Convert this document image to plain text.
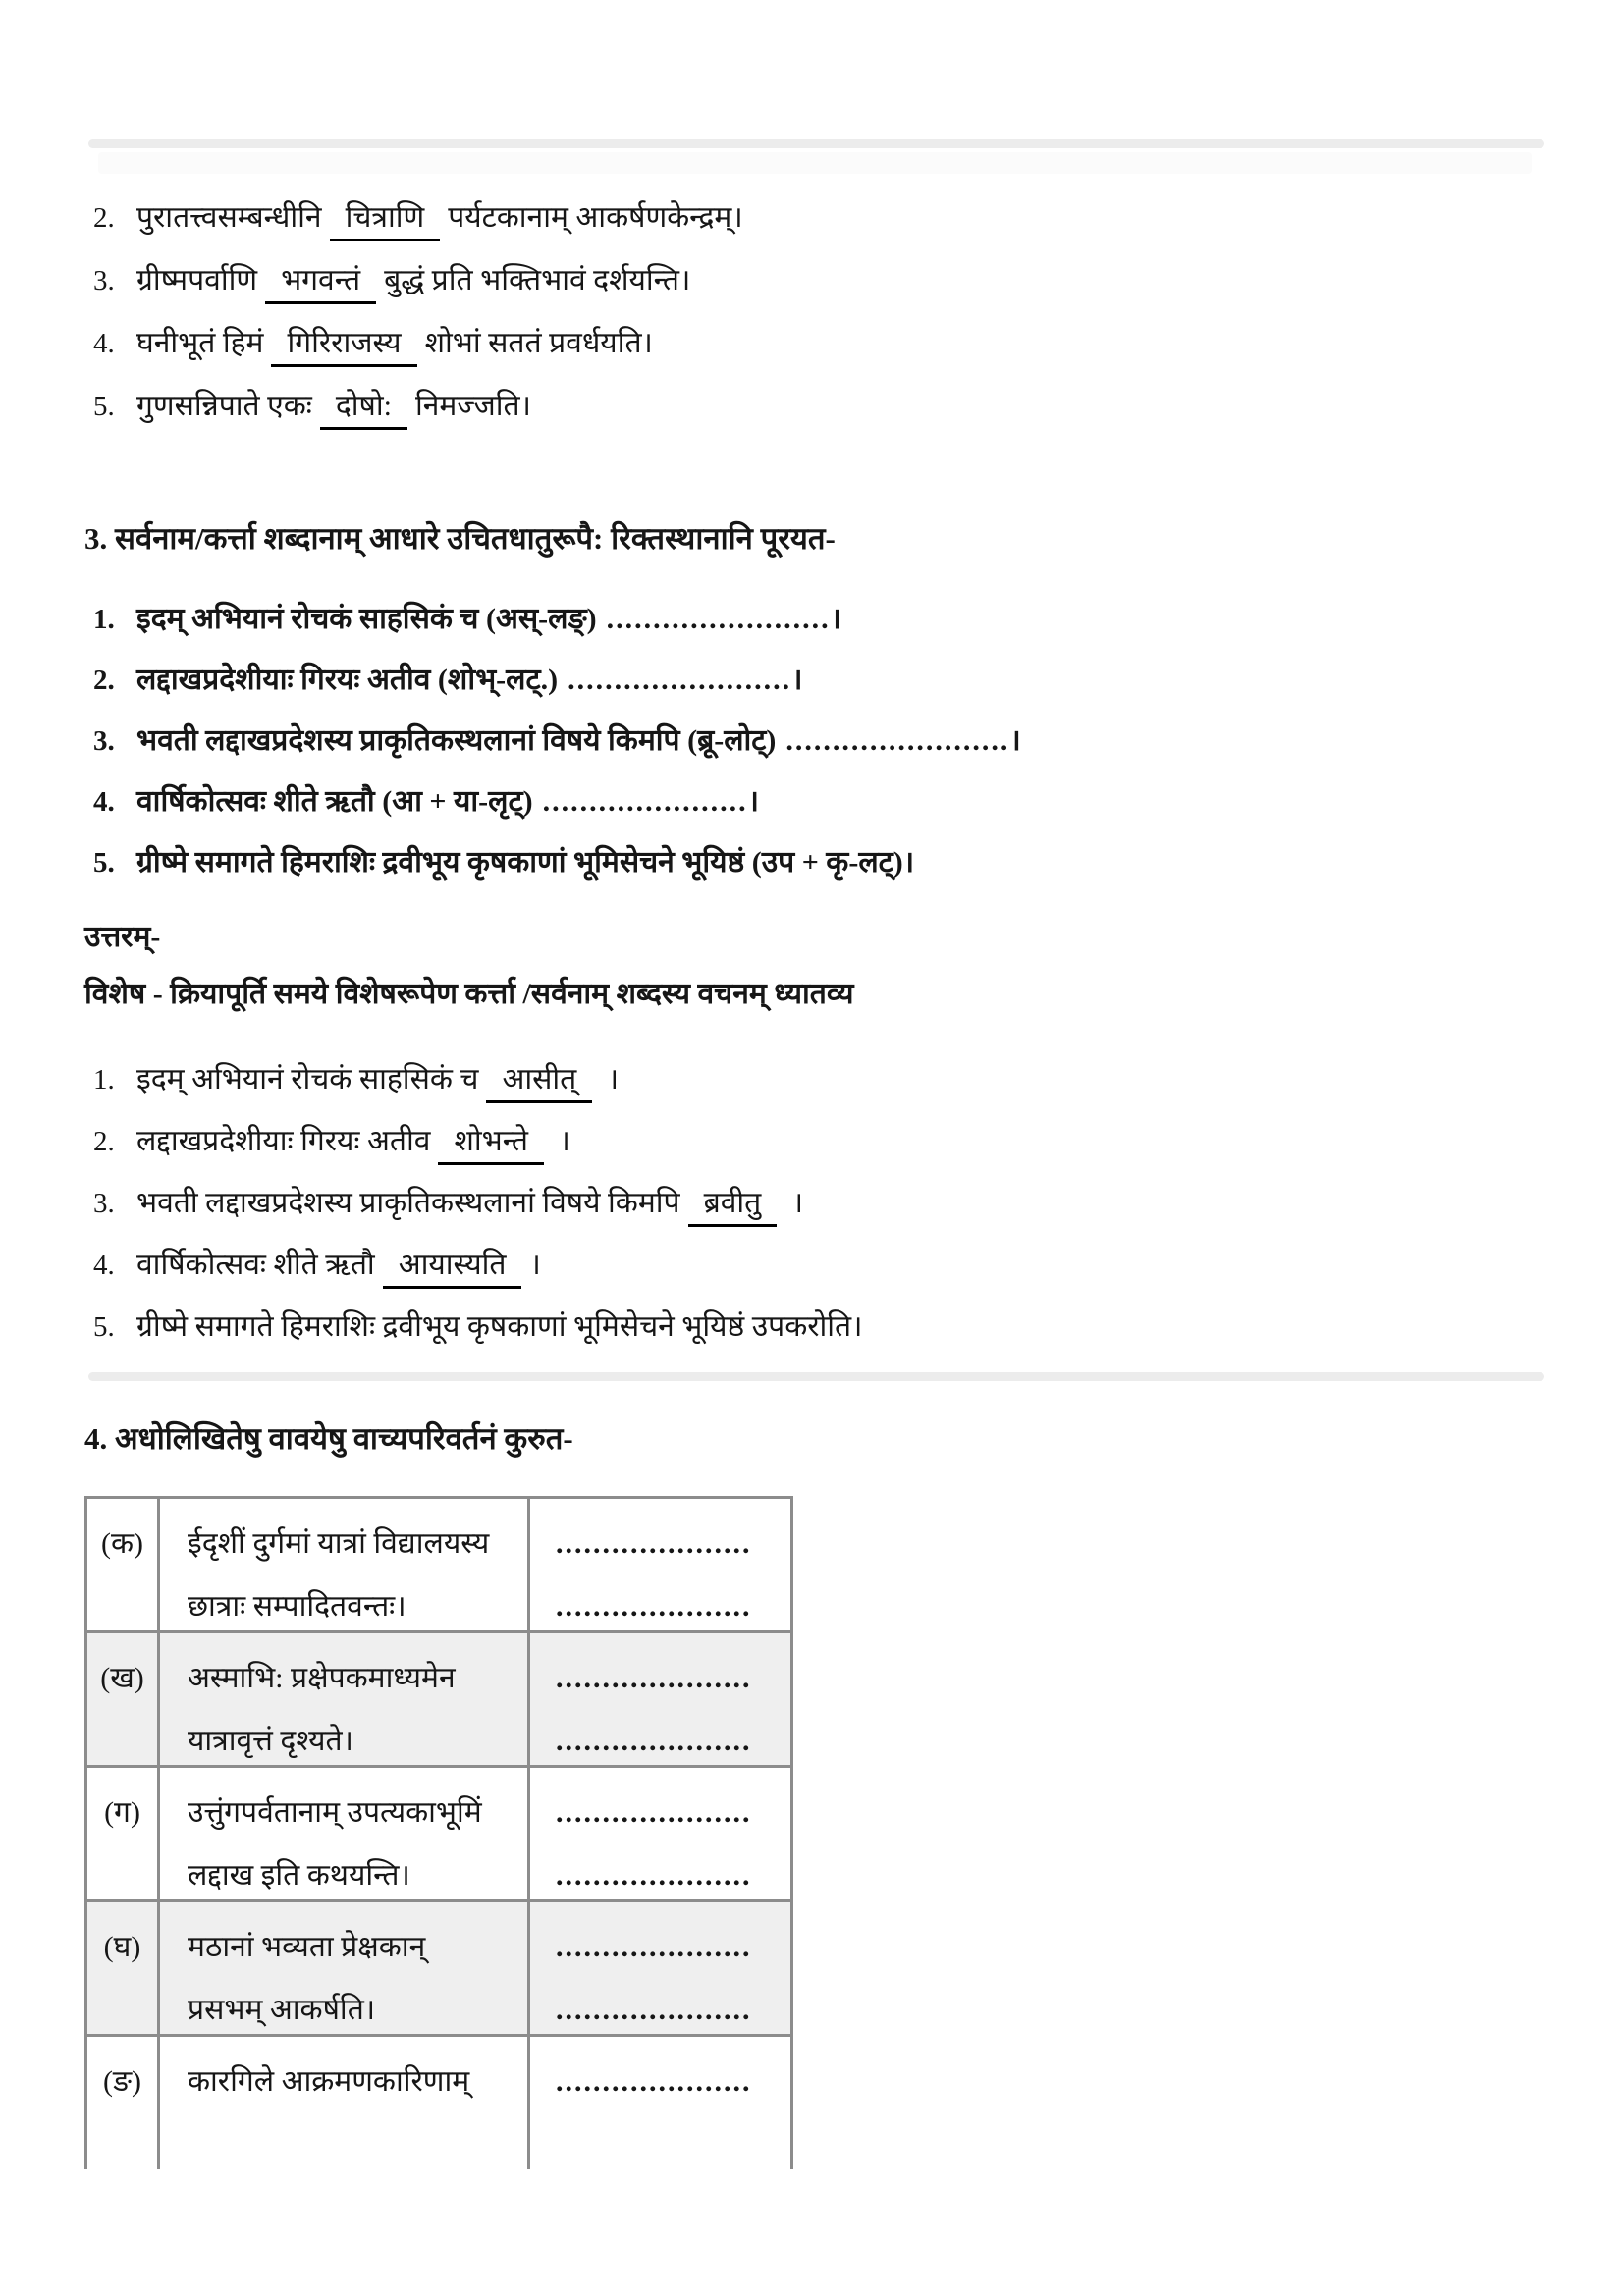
2. पुरातत्त्वसम्बन्धीनि चित्राणि पर्यटकानाम् आकर्षणकेन्द्रम्।
3. ग्रीष्मपर्वाणि भगवन्तं बुद्धं प्रति भक्तिभावं दर्शयन्ति।
4. घनीभूतं हिमं गिरिराजस्य शोभां सततं प्रवर्धयति।
5. गुणसन्निपाते एकः दोषो: निमज्जति।
3. सर्वनाम/कर्त्ता शब्दानाम् आधारे उचितधातुरूपै: रिक्तस्थानानि पूरयत-
1. इदम् अभियानं रोचकं साहसिकं च (अस्-लङ्) ........................।
2. लद्दाखप्रदेशीयाः गिरयः अतीव (शोभ्-लट्.) ........................।
3. भवती लद्दाखप्रदेशस्य प्राकृतिकस्थलानां विषये किमपि (ब्रू-लोट्) ........................।
4. वार्षिकोत्सवः शीते ऋतौ (आ + या-लृट्) ......................।
5. ग्रीष्मे समागते हिमराशिः द्रवीभूय कृषकाणां भूमिसेचने भूयिष्ठं (उप + कृ-लट्)।
उत्तरम्-
विशेष - क्रियापूर्ति समये विशेषरूपेण कर्त्ता /सर्वनाम् शब्दस्य वचनम् ध्यातव्य
1. इदम् अभियानं रोचकं साहसिकं च आसीत् ।
2. लद्दाखप्रदेशीयाः गिरयः अतीव शोभन्ते ।
3. भवती लद्दाखप्रदेशस्य प्राकृतिकस्थलानां विषये किमपि ब्रवीतु ।
4. वार्षिकोत्सवः शीते ऋतौ आयास्यति ।
5. ग्रीष्मे समागते हिमराशिः द्रवीभूय कृषकाणां भूमिसेचने भूयिष्ठं उपकरोति।
4. अधोलिखितेषु वावयेषु वाच्यपरिवर्तनं कुरुत-
(क)	ईदृशीं दुर्गमां यात्रां विद्यालयस्य
छात्राः सम्पादितवन्तः।
.....................
.....................
(ख)	अस्माभि: प्रक्षेपकमाध्यमेन
यात्रावृत्तं दृश्यते।
.....................
.....................
(ग)	उत्तुंगपर्वतानाम् उपत्यकाभूमिं
लद्दाख इति कथयन्ति।
.....................
.....................
(घ)	मठानां भव्यता प्रेक्षकान्
प्रसभम् आकर्षति।
.....................
.....................
(ङ)	कारगिले आक्रमणकारिणाम्	.....................
